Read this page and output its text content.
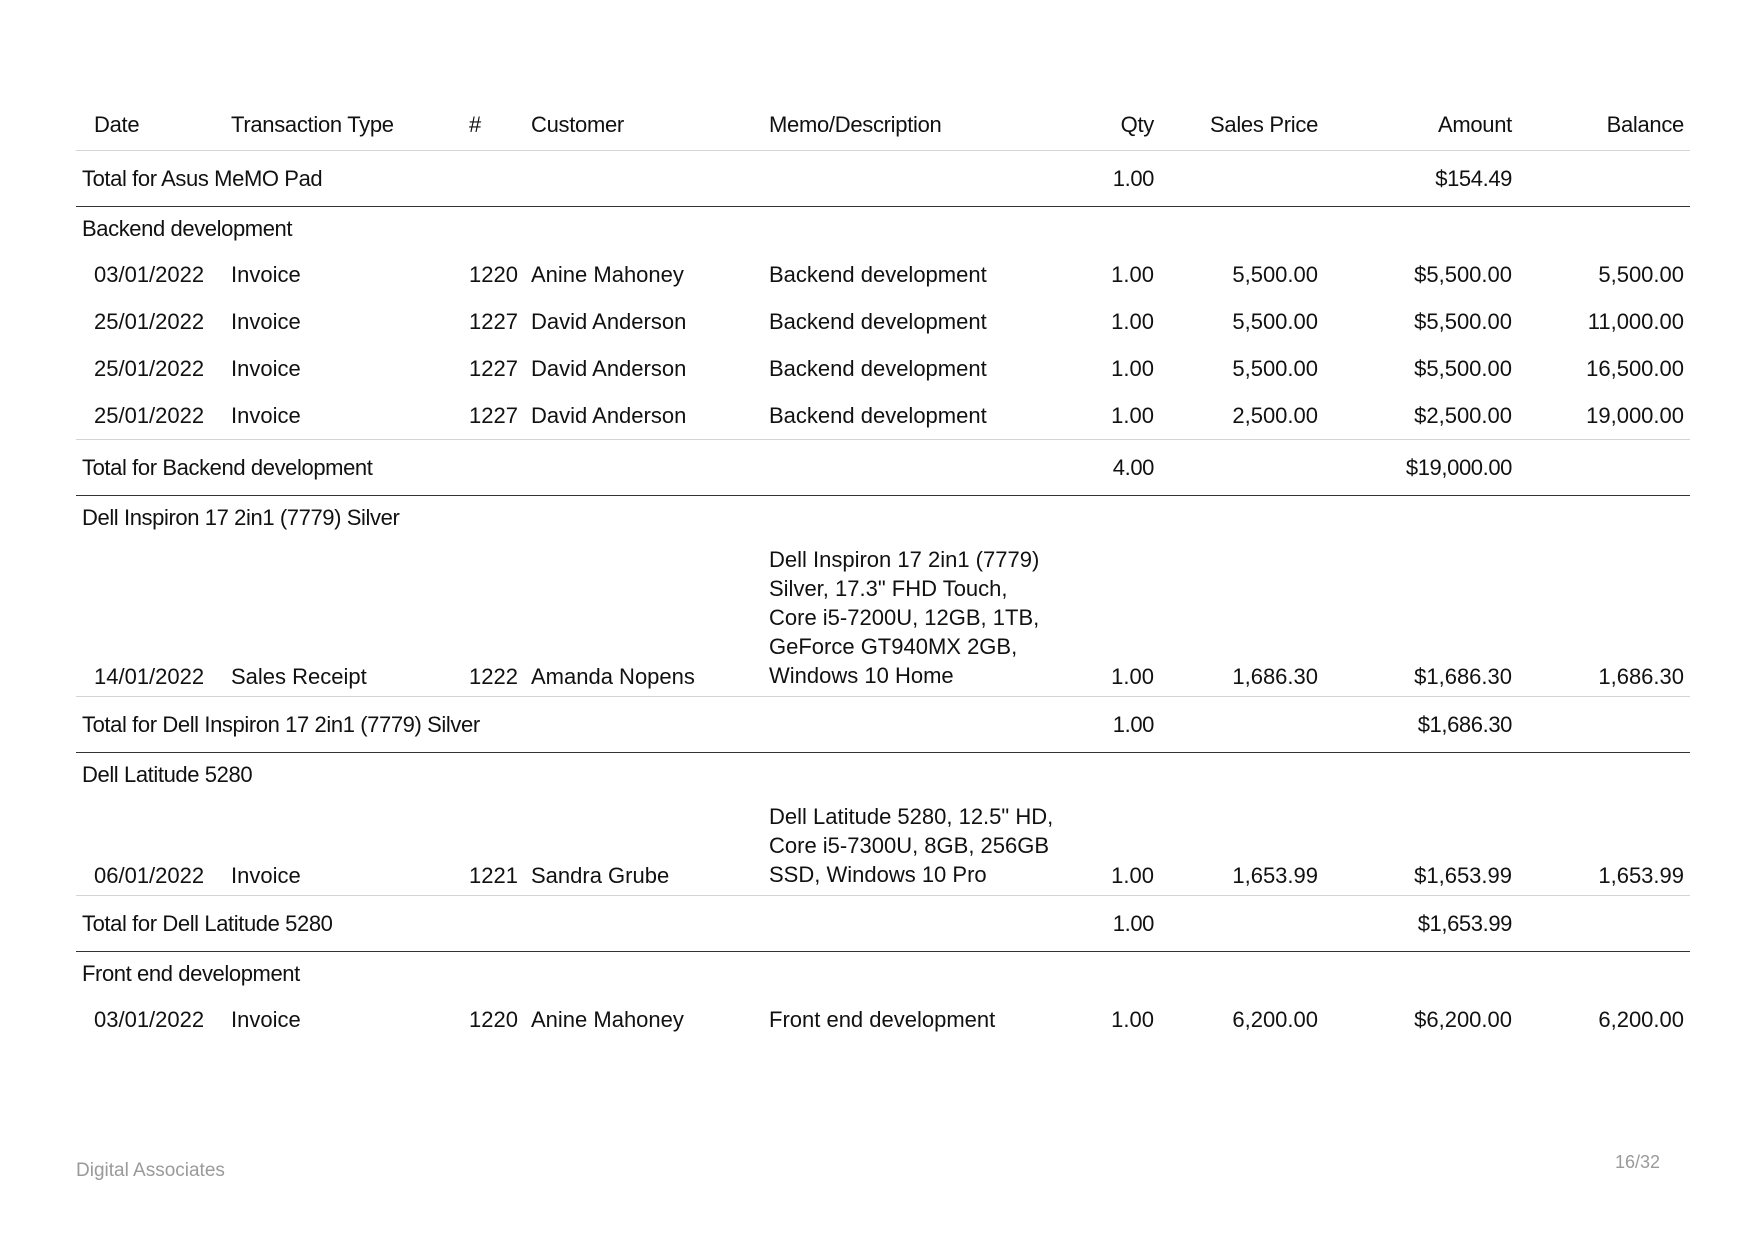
Date	Transaction Type	#	Customer	Memo/Description	Qty	Sales Price	Amount	Balance
Total for Asus MeMO Pad					1.00		$154.49	
Backend development								
03/01/2022	Invoice	1220	Anine Mahoney	Backend development	1.00	5,500.00	$5,500.00	5,500.00
25/01/2022	Invoice	1227	David Anderson	Backend development	1.00	5,500.00	$5,500.00	11,000.00
25/01/2022	Invoice	1227	David Anderson	Backend development	1.00	5,500.00	$5,500.00	16,500.00
25/01/2022	Invoice	1227	David Anderson	Backend development	1.00	2,500.00	$2,500.00	19,000.00
Total for Backend development					4.00		$19,000.00	
Dell Inspiron 17 2in1 (7779) Silver								
14/01/2022	Sales Receipt	1222	Amanda Nopens	Dell Inspiron 17 2in1 (7779) Silver, 17.3" FHD Touch, Core i5-7200U, 12GB, 1TB, GeForce GT940MX 2GB, Windows 10 Home	1.00	1,686.30	$1,686.30	1,686.30
Total for Dell Inspiron 17 2in1 (7779) Silver					1.00		$1,686.30	
Dell Latitude 5280								
06/01/2022	Invoice	1221	Sandra Grube	Dell Latitude 5280, 12.5" HD, Core i5-7300U, 8GB, 256GB SSD, Windows 10 Pro	1.00	1,653.99	$1,653.99	1,653.99
Total for Dell Latitude 5280					1.00		$1,653.99	
Front end development								
03/01/2022	Invoice	1220	Anine Mahoney	Front end development	1.00	6,200.00	$6,200.00	6,200.00
Digital Associates	16/32
